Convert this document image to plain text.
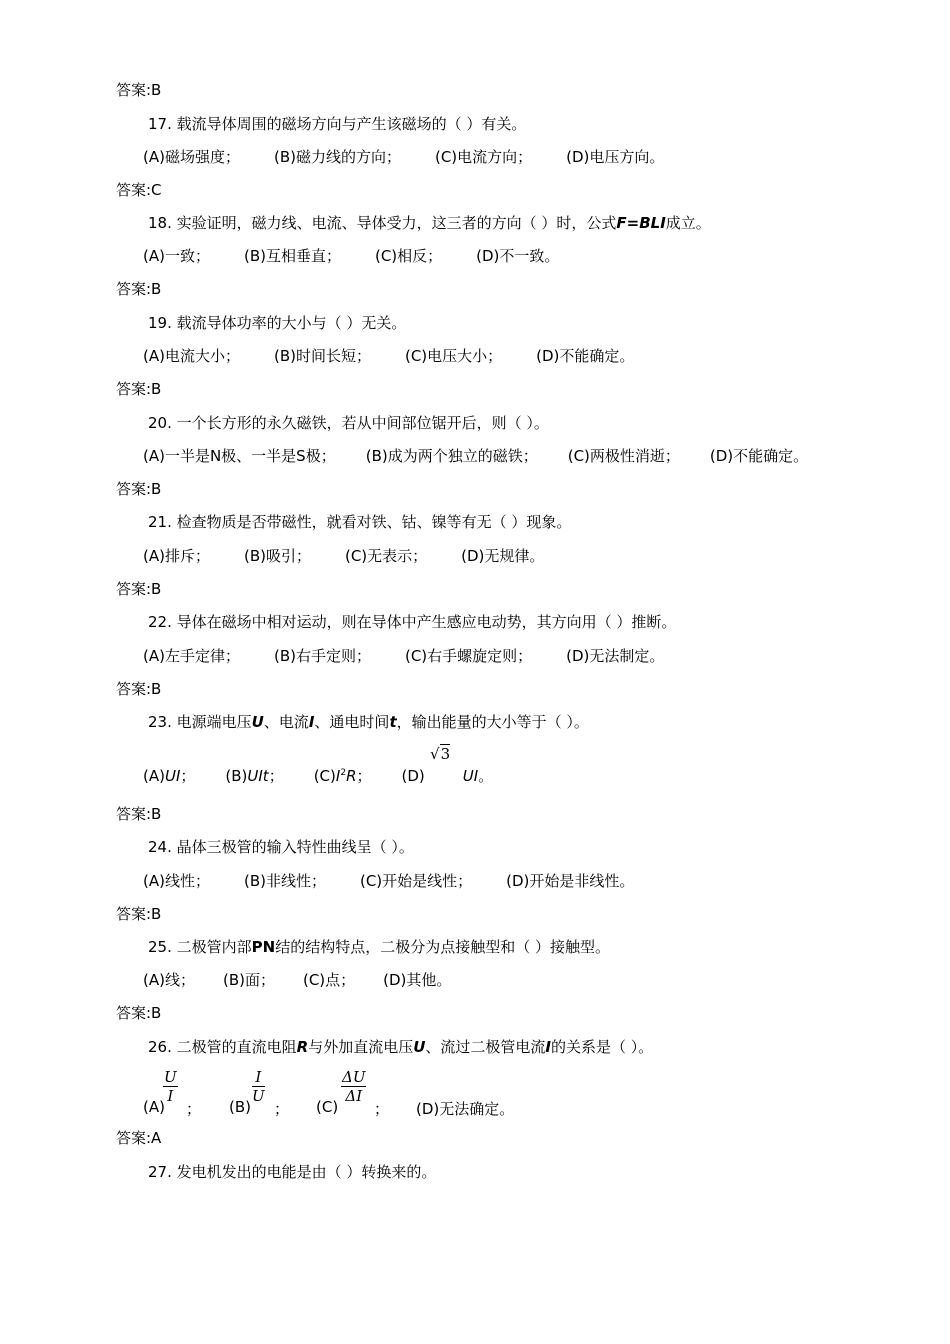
答案:B
17. 载流导体周围的磁场方向与产生该磁场的（ ）有关。
(A)磁场强度； (B)磁力线的方向； (C)电流方向； (D)电压方向。
答案:C
18. 实验证明，磁力线、电流、导体受力，这三者的方向（ ）时，公式F=BLI成立。
(A)一致； (B)互相垂直； (C)相反； (D)不一致。
答案:B
19. 载流导体功率的大小与（ ）无关。
(A)电流大小； (B)时间长短； (C)电压大小； (D)不能确定。
答案:B
20. 一个长方形的永久磁铁，若从中间部位锯开后，则（ ）。
(A)一半是N极、一半是S极； (B)成为两个独立的磁铁； (C)两极性消逝； (D)不能确定。
答案:B
21. 检查物质是否带磁性，就看对铁、钴、镍等有无（ ）现象。
(A)排斥； (B)吸引； (C)无表示； (D)无规律。
答案:B
22. 导体在磁场中相对运动，则在导体中产生感应电动势，其方向用（ ）推断。
(A)左手定律； (B)右手定则； (C)右手螺旋定则； (D)无法制定。
答案:B
23. 电源端电压U、电流I、通电时间t，输出能量的大小等于（ ）。
(A)UI； (B)UIt； $(C)I^2R$； (D)	UI。
√3
答案:B
24. 晶体三极管的输入特性曲线呈（ ）。
(A)线性； (B)非线性； (C)开始是线性； (D)开始是非线性。
答案:B
25. 二极管内部PN结的结构特点，二极分为点接触型和（ ）接触型。
(A)线； (B)面； (C)点； (D)其他。
答案:B
26. 二极管的直流电阻R与外加直流电压U、流过二极管电流I的关系是（ ）。
(A)
$\frac{U}{I}$
； (B)
$\frac{I}{U}$
； (C)
$\frac{\Delta U}{\Delta I}$
； (D)无法确定。
答案:A
27. 发电机发出的电能是由（ ）转换来的。
